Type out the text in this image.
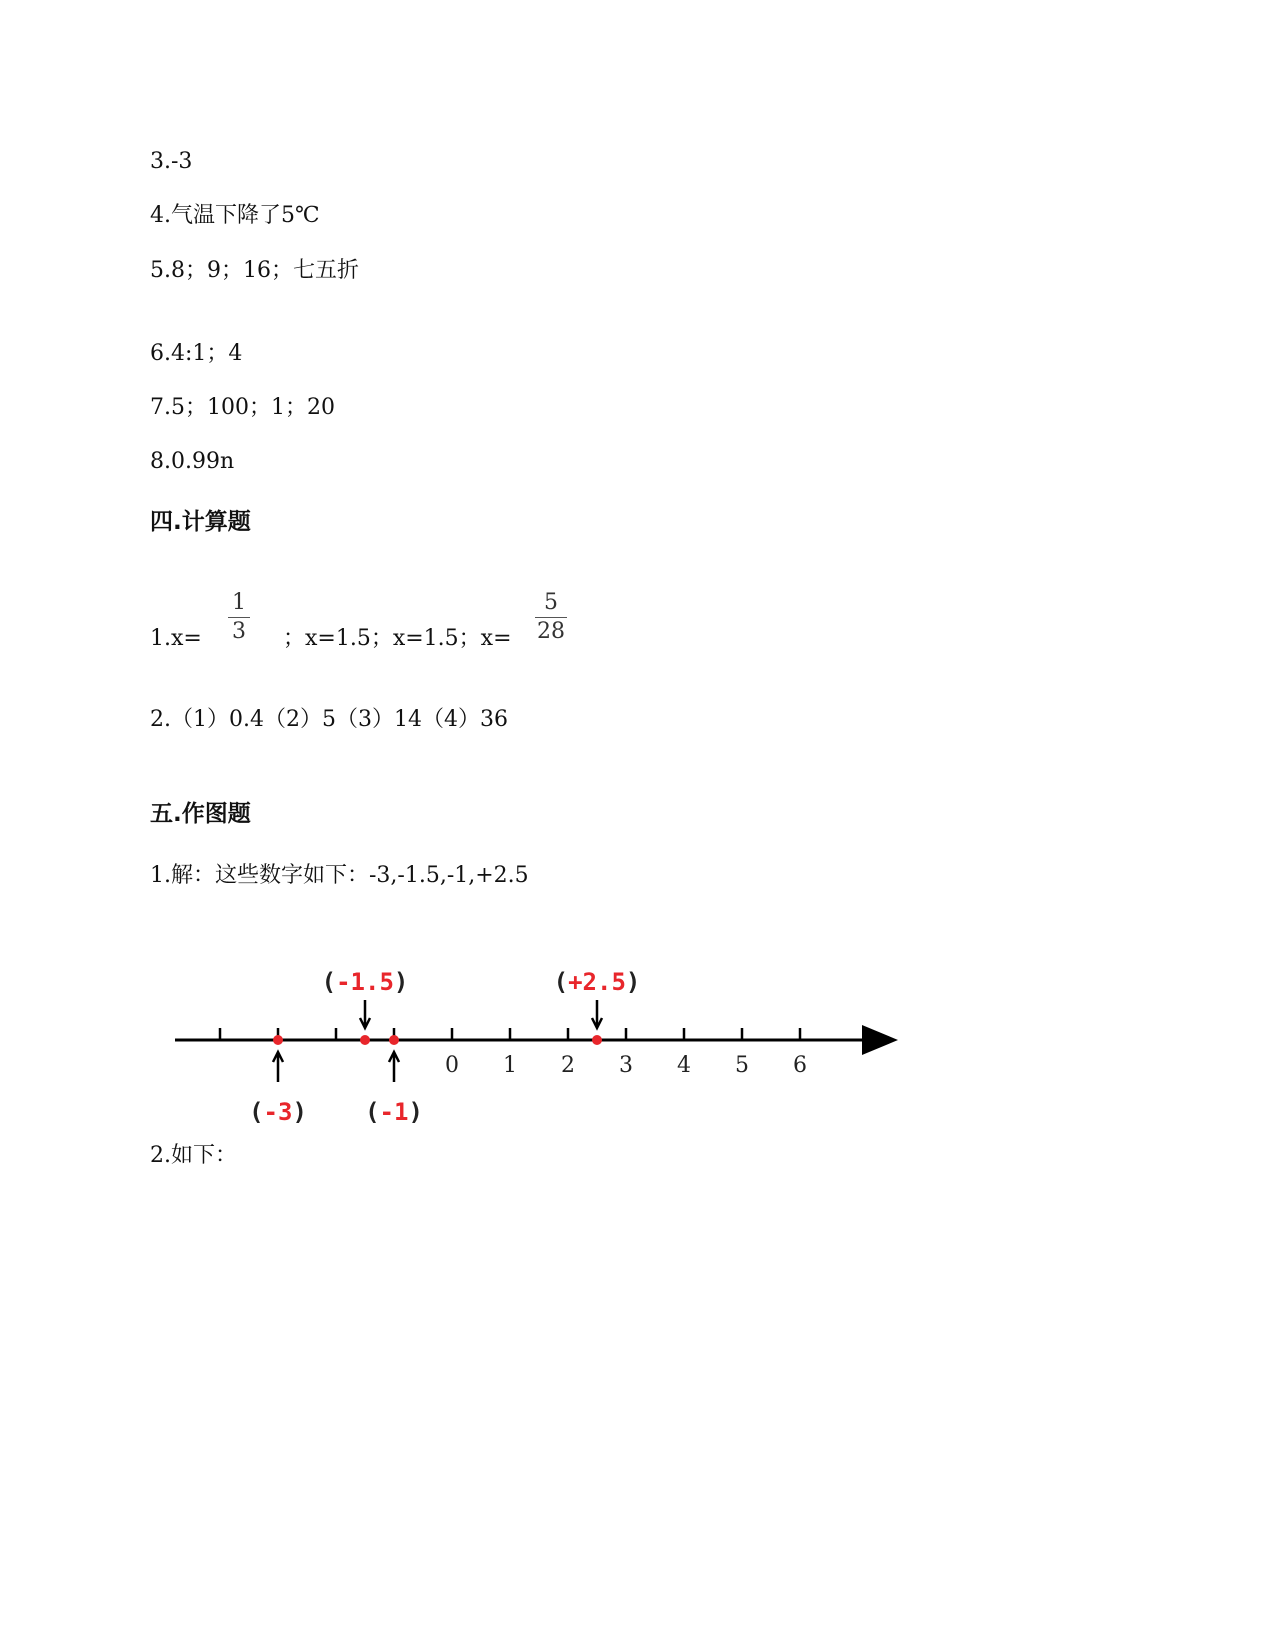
3.-3
4.气温下降了5℃
5.8；9；16；七五折
6.4:1；4
7.5；100；1；20
8.0.99n
四.计算题
1.x=
1
3 ；x=1.5；x=1.5；x=
5
28
2.（1）0.4（2）5（3）14（4）36
五.作图题
1.解：这些数字如下：-3,-1.5,-1,+2.5
0 1 2 3 4 5 6
(-3)
(-1.5)
(-1)
(+2.5)
2.如下：
